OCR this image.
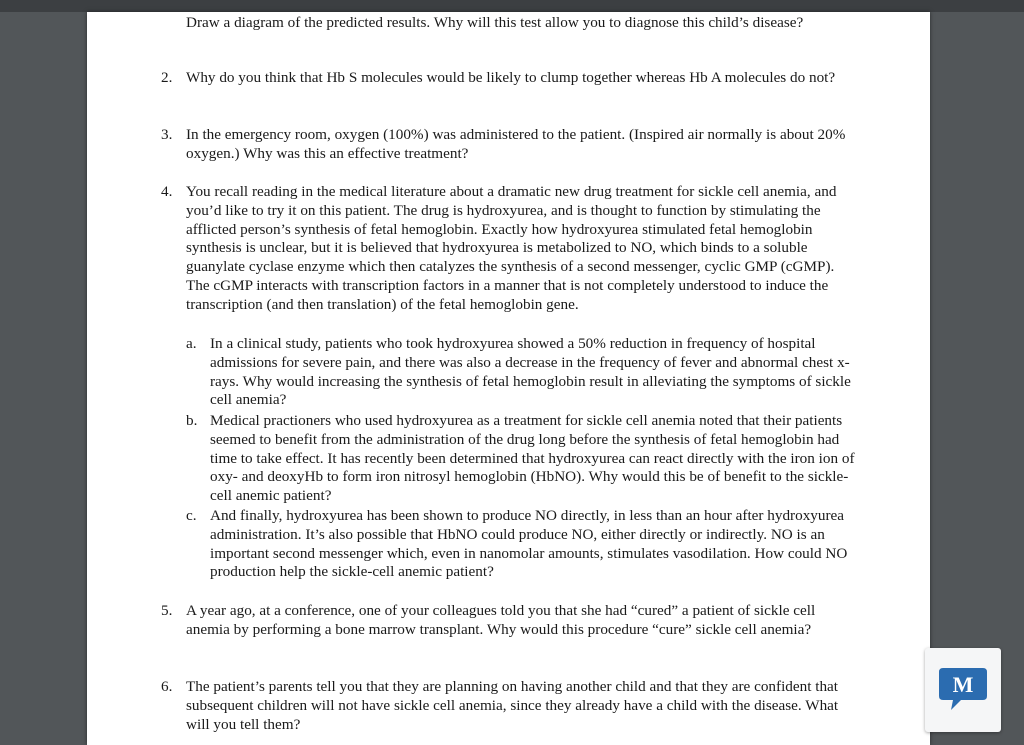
Draw a diagram of the predicted results. Why will this test allow you to diagnose this child’s disease?
2. Why do you think that Hb S molecules would be likely to clump together whereas Hb A molecules do not?
3. In the emergency room, oxygen (100%) was administered to the patient. (Inspired air normally is about 20% oxygen.) Why was this an effective treatment?
4. You recall reading in the medical literature about a dramatic new drug treatment for sickle cell anemia, and you’d like to try it on this patient. The drug is hydroxyurea, and is thought to function by stimulating the afflicted person’s synthesis of fetal hemoglobin. Exactly how hydroxyurea stimulated fetal hemoglobin synthesis is unclear, but it is believed that hydroxyurea is metabolized to NO, which binds to a soluble guanylate cyclase enzyme which then catalyzes the synthesis of a second messenger, cyclic GMP (cGMP). The cGMP interacts with transcription factors in a manner that is not completely understood to induce the transcription (and then translation) of the fetal hemoglobin gene.
a. In a clinical study, patients who took hydroxyurea showed a 50% reduction in frequency of hospital admissions for severe pain, and there was also a decrease in the frequency of fever and abnormal chest x-rays. Why would increasing the synthesis of fetal hemoglobin result in alleviating the symptoms of sickle cell anemia?
b. Medical practioners who used hydroxyurea as a treatment for sickle cell anemia noted that their patients seemed to benefit from the administration of the drug long before the synthesis of fetal hemoglobin had time to take effect. It has recently been determined that hydroxyurea can react directly with the iron ion of oxy- and deoxyHb to form iron nitrosyl hemoglobin (HbNO). Why would this be of benefit to the sickle-cell anemic patient?
c. And finally, hydroxyurea has been shown to produce NO directly, in less than an hour after hydroxyurea administration. It’s also possible that HbNO could produce NO, either directly or indirectly. NO is an important second messenger which, even in nanomolar amounts, stimulates vasodilation. How could NO production help the sickle-cell anemic patient?
5. A year ago, at a conference, one of your colleagues told you that she had “cured” a patient of sickle cell anemia by performing a bone marrow transplant. Why would this procedure “cure” sickle cell anemia?
6. The patient’s parents tell you that they are planning on having another child and that they are confident that subsequent children will not have sickle cell anemia, since they already have a child with the disease. What will you tell them?
M
